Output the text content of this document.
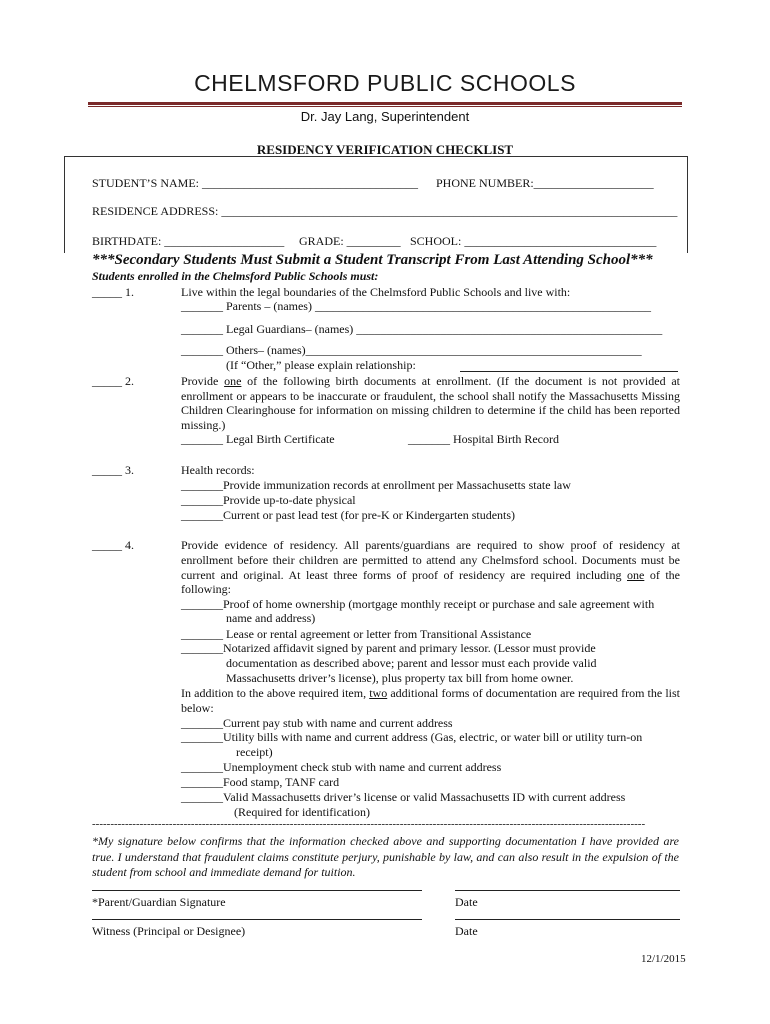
CHELMSFORD PUBLIC SCHOOLS
Dr. Jay Lang, Superintendent
RESIDENCY VERIFICATION CHECKLIST
STUDENT’S NAME: ____________________________________ PHONE NUMBER:____________________
RESIDENCE ADDRESS: ____________________________________________________________________________
BIRTHDATE: ____________________ GRADE: _________ SCHOOL: ________________________________
***Secondary Students Must Submit a Student Transcript From Last Attending School***
Students enrolled in the Chelmsford Public Schools must:
_____ 1.	Live within the legal boundaries of the Chelmsford Public Schools and live with:
_______ Parents – (names) ________________________________________________________
_______ Legal Guardians– (names) ___________________________________________________
_______ Others– (names)________________________________________________________
(If “Other,” please explain relationship:
_____ 2.	Provide one of the following birth documents at enrollment. (If the document is not provided at enrollment or appears to be inaccurate or fraudulent, the school shall notify the Massachusetts Missing Children Clearinghouse for information on missing children to determine if the child has been reported missing.)
_______ Legal Birth Certificate	_______ Hospital Birth Record
_____ 3.	Health records:
_______Provide immunization records at enrollment per Massachusetts state law
_______Provide up-to-date physical
_______Current or past lead test (for pre-K or Kindergarten students)
_____ 4.	Provide evidence of residency. All parents/guardians are required to show proof of residency at enrollment before their children are permitted to attend any Chelmsford school. Documents must be current and original. At least three forms of proof of residency are required including one of the following:
_______Proof of home ownership (mortgage monthly receipt or purchase and sale agreement with
name and address)
_______ Lease or rental agreement or letter from Transitional Assistance
_______Notarized affidavit signed by parent and primary lessor. (Lessor must provide
documentation as described above; parent and lessor must each provide valid
Massachusetts driver’s license), plus property tax bill from home owner.
In addition to the above required item, two additional forms of documentation are required from the list below:
_______Current pay stub with name and current address
_______Utility bills with name and current address (Gas, electric, or water bill or utility turn-on
receipt)
_______Unemployment check stub with name and current address
_______Food stamp, TANF card
_______Valid Massachusetts driver’s license or valid Massachusetts ID with current address
(Required for identification)
-------------------------------------------------------------------------------------------------------------------------------------------------------
*My signature below confirms that the information checked above and supporting documentation I have provided are true. I understand that fraudulent claims constitute perjury, punishable by law, and can also result in the expulsion of the student from school and immediate demand for tuition.
*Parent/Guardian Signature	Date
Witness (Principal or Designee)	Date
12/1/2015
